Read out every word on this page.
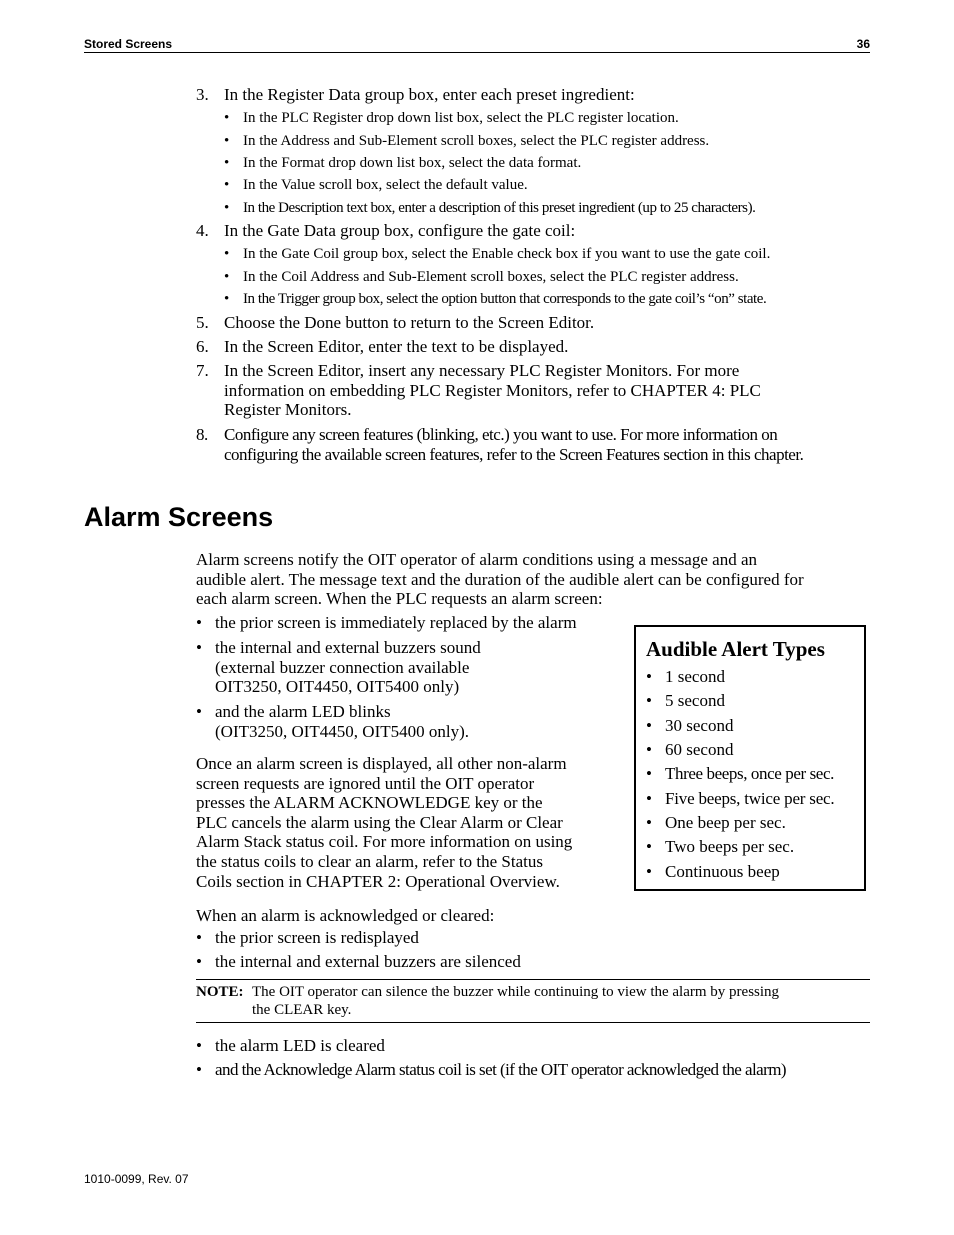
Stored Screens	36
3. In the Register Data group box, enter each preset ingredient:
• In the PLC Register drop down list box, select the PLC register location.
• In the Address and Sub-Element scroll boxes, select the PLC register address.
• In the Format drop down list box, select the data format.
• In the Value scroll box, select the default value.
• In the Description text box, enter a description of this preset ingredient (up to 25 characters).
4. In the Gate Data group box, configure the gate coil:
• In the Gate Coil group box, select the Enable check box if you want to use the gate coil.
• In the Coil Address and Sub-Element scroll boxes, select the PLC register address.
• In the Trigger group box, select the option button that corresponds to the gate coil’s “on” state.
5. Choose the Done button to return to the Screen Editor.
6. In the Screen Editor, enter the text to be displayed.
7. In the Screen Editor, insert any necessary PLC Register Monitors. For more
information on embedding PLC Register Monitors, refer to CHAPTER 4: PLC
Register Monitors.
8. Configure any screen features (blinking, etc.) you want to use. For more information on
configuring the available screen features, refer to the Screen Features section in this chapter.
Alarm Screens
Alarm screens notify the OIT operator of alarm conditions using a message and an
audible alert. The message text and the duration of the audible alert can be configured for
each alarm screen. When the PLC requests an alarm screen:
• the prior screen is immediately replaced by the alarm
• the internal and external buzzers sound
(external buzzer connection available
OIT3250, OIT4450, OIT5400 only)
• and the alarm LED blinks
(OIT3250, OIT4450, OIT5400 only).
Once an alarm screen is displayed, all other non-alarm
screen requests are ignored until the OIT operator
presses the ALARM ACKNOWLEDGE key or the
PLC cancels the alarm using the Clear Alarm or Clear
Alarm Stack status coil. For more information on using
the status coils to clear an alarm, refer to the Status
Coils section in CHAPTER 2: Operational Overview.
Audible Alert Types
• 1 second
• 5 second
• 30 second
• 60 second
• Three beeps, once per sec.
• Five beeps, twice per sec.
• One beep per sec.
• Two beeps per sec.
• Continuous beep
When an alarm is acknowledged or cleared:
• the prior screen is redisplayed
• the internal and external buzzers are silenced
NOTE: The OIT operator can silence the buzzer while continuing to view the alarm by pressing
the CLEAR key.
• the alarm LED is cleared
• and the Acknowledge Alarm status coil is set (if the OIT operator acknowledged the alarm)
1010-0099, Rev. 07
